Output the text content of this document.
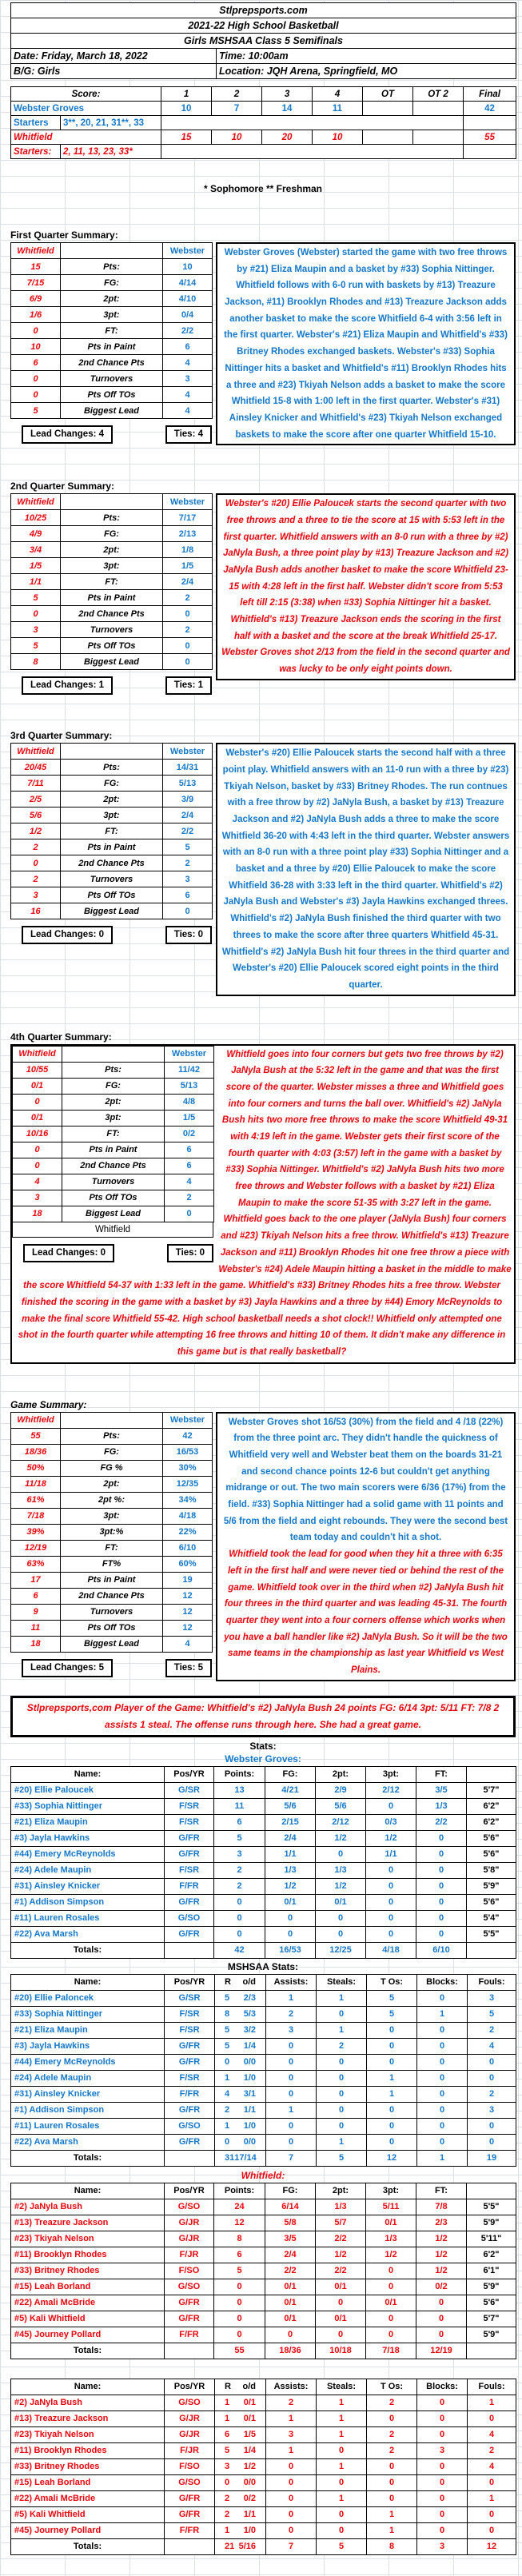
Stlprepsports.com	
2021-22 High School Basketball	
Girls MSHSAA Class 5 Semifinals	
Date: Friday, March 18, 2022	Time: 10:00am
B/G: Girls	Location: JQH Arena, Springfield, MO
Score:		1	2	3	4	OT	OT 2	Final
Webster Groves		10	7	14	11			42
Starters	3**, 20, 21, 31**, 33							
Whitfield		15	10	20	10			55
Starters:	2, 11, 13, 23, 33*							
* Sophomore ** Freshman
First Quarter Summary:
Whitfield		Webster
15	Pts:	10
7/15	FG:	4/14
6/9	2pt:	4/10
1/6	3pt:	0/4
0	FT:	2/2
10	Pts in Paint	6
6	2nd Chance Pts	4
0	Turnovers	3
0	Pts Off TOs	4
5	Biggest Lead	4
Lead Changes: 4	Ties: 4
Webster Groves (Webster) started the game with two free throws by #21) Eliza Maupin and a basket by #33) Sophia Nittinger. Whitfield follows with 6-0 run with baskets by #13) Treazure Jackson, #11) Brooklyn Rhodes and #13) Treazure Jackson adds another basket to make the score Whitfield 6-4 with 3:56 left in the first quarter. Webster's #21) Eliza Maupin and Whitfield's #33) Britney Rhodes exchanged baskets. Webster's #33) Sophia Nittinger hits a basket and Whitfield's #11) Brooklyn Rhodes hits a three and #23) Tkiyah Nelson adds a basket to make the score Whitfield 15-8 with 1:00 left in the first quarter. Webster's #31) Ainsley Knicker and Whitfield's #23) Tkiyah Nelson exchanged baskets to make the score after one quarter Whitfield 15-10.
2nd Quarter Summary:
Whitfield		Webster
10/25	Pts:	7/17
4/9	FG:	2/13
3/4	2pt:	1/8
1/5	3pt:	1/5
1/1	FT:	2/4
5	Pts in Paint	2
0	2nd Chance Pts	0
3	Turnovers	2
5	Pts Off TOs	0
8	Biggest Lead	0
Lead Changes: 1	Ties: 1
Webster's #20) Ellie Paloucek starts the second quarter with two free throws and a three to tie the score at 15 with 5:53 left in the first quarter. Whitfield answers with an 8-0 run with a three by #2) JaNyla Bush, a three point play by #13) Treazure Jackson and #2) JaNyla Bush adds another basket to make the score Whitfield 23-15 with 4:28 left in the first half. Webster didn't score from 5:53 left till 2:15 (3:38) when #33) Sophia Nittinger hit a basket. Whitfield's #13) Treazure Jackson ends the scoring in the first half with a basket and the score at the break Whitfield 25-17. Webster Groves shot 2/13 from the field in the second quarter and was lucky to be only eight points down.
3rd Quarter Summary:
Whitfield		Webster
20/45	Pts:	14/31
7/11	FG:	5/13
2/5	2pt:	3/9
5/6	3pt:	2/4
1/2	FT:	2/2
2	Pts in Paint	5
0	2nd Chance Pts	2
2	Turnovers	3
3	Pts Off TOs	6
16	Biggest Lead	0
Lead Changes: 0	Ties: 0
Webster's #20) Ellie Paloucek starts the second half with a three point play. Whitfield answers with an 11-0 run with a three by #23) Tkiyah Nelson, basket by #33) Britney Rhodes. The run contnues with a free throw by #2) JaNyla Bush, a basket by #13) Treazure Jackson and #2) JaNyla Bush adds a three to make the score Whitfield 36-20 with 4:43 left in the third quarter. Webster answers with an 8-0 run with a three point play #33) Sophia Nittinger and a basket and a three by #20) Ellie Paloucek to make the score Whitfield 36-28 with 3:33 left in the third quarter. Whitfield's #2) JaNyla Bush and Webster's #3) Jayla Hawkins exchanged threes. Whitfield's #2) JaNyla Bush finished the third quarter with two threes to make the score after three quarters Whitfield 45-31. Whitfield's #2) JaNyla Bush hit four threes in the third quarter and Webster's #20) Ellie Paloucek scored eight points in the third quarter.
4th Quarter Summary:
Whitfield		Webster
10/55	Pts:	11/42
0/1	FG:	5/13
0	2pt:	4/8
0/1	3pt:	1/5
10/16	FT:	0/2
0	Pts in Paint	6
0	2nd Chance Pts	6
4	Turnovers	4
3	Pts Off TOs	2
18	Biggest Lead	0
Whitfield
Lead Changes: 0	Ties: 0
Whitfield goes into four corners but gets two free throws by #2) JaNyla Bush at the 5:32 left in the game and that was the first score of the quarter. Webster misses a three and Whitfield goes into four corners and turns the ball over. Whitfield's #2) JaNyla Bush hits two more free throws to make the score Whitfield 49-31 with 4:19 left in the game. Webster gets their first score of the fourth quarter with 4:03 (3:57) left in the game with a basket by #33) Sophia Nittinger. Whitfield's #2) JaNyla Bush hits two more free throws and Webster follows with a basket by #21) Eliza Maupin to make the score 51-35 with 3:27 left in the game. Whitfield goes back to the one player (JaNyla Bush) four corners and #23) Tkiyah Nelson hits a free throw. Whitfield's #13) Treazure Jackson and #11) Brooklyn Rhodes hit one free throw a piece with Webster's #24) Adele Maupin hitting a basket in the middle to make the score Whitfield 54-37 with 1:33 left in the game. Whitfield's #33) Britney Rhodes hits a free throw. Webster finished the scoring in the game with a basket by #3) Jayla Hawkins and a three by #44) Emory McReynolds to make the final score Whitfield 55-42. High school basketball needs a shot clock!! Whitfield only attempted one shot in the fourth quarter while attempting 16 free throws and hitting 10 of them. It didn't make any difference in this game but is that really basketball?
Game Summary:
Whitfield		Webster
55	Pts:	42
18/36	FG:	16/53
50%	FG %	30%
11/18	2pt:	12/35
61%	2pt %:	34%
7/18	3pt:	4/18
39%	3pt:%	22%
12/19	FT:	6/10
63%	FT%	60%
17	Pts in Paint	19
6	2nd Chance Pts	12
9	Turnovers	12
11	Pts Off TOs	12
18	Biggest Lead	4
Lead Changes: 5	Ties: 5

Webster Groves shot 16/53 (30%) from the field and 4 /18 (22%) from the three point arc. They didn't handle the quickness of Whitfield very well and Webster beat them on the boards 31-21 and second chance points 12-6 but couldn't get anything midrange or out. The two main scorers were 6/36 (17%) from the field. #33) Sophia Nittinger had a solid game with 11 points and 5/6 from the field and eight rebounds. They were the second best team today and couldn't hit a shot.

Whitfield took the lead for good when they hit a three with 6:35 left in the first half and were never tied or behind the rest of the game. Whitfield took over in the third when #2) JaNyla Bush hit four threes in the third quarter and was leading 45-31. The fourth quarter they went into a four corners offense which works when you have a ball handler like #2) JaNyla Bush. So it will be the two same teams in the championship as last year Whitfield vs West Plains.

Stlprepsports,com Player of the Game: Whitfield's #2) JaNyla Bush 24 points FG: 6/14 3pt: 5/11 FT: 7/8 2 assists 1 steal. The offense runs through here. She had a great game.
Stats:
Webster Groves:
Name:	Pos/YR	Points:	FG:	2pt:	3pt:	FT:	
#20) Ellie Paloucek	G/SR	13	4/21	2/9	2/12	3/5	5'7"
#33) Sophia Nittinger	F/SR	11	5/6	5/6	0	1/3	6'2"
#21) Eliza Maupin	F/SR	6	2/15	2/12	0/3	2/2	6'2"
#3) Jayla Hawkins	G/FR	5	2/4	1/2	1/2	0	5'6"
#44) Emery McReynolds	G/FR	3	1/1	0	1/1	0	5'6"
#24) Adele Maupin	F/SR	2	1/3	1/3	0	0	5'8"
#31) Ainsley Knicker	F/FR	2	1/2	1/2	0	0	5'9"
#1) Addison Simpson	G/FR	0	0/1	0/1	0	0	5'6"
#11) Lauren Rosales	G/SO	0	0	0	0	0	5'4"
#22) Ava Marsh	G/FR	0	0	0	0	0	5'5"
Totals:		42	16/53	12/25	4/18	6/10	
MSHSAA Stats:
Name:	Pos/YR	R o/d	Assists:	Steals:	T Os:	Blocks:	Fouls:
#20) Ellie Paloncek	G/SR	5 2/3	1	1	5	0	3
#33) Sophia Nittinger	F/SR	8 5/3	2	0	5	1	5
#21) Eliza Maupin	F/SR	5 3/2	3	1	0	0	2
#3) Jayla Hawkins	G/FR	5 1/4	0	2	0	0	4
#44) Emery McReynolds	G/FR	0 0/0	0	0	0	0	0
#24) Adele Maupin	F/SR	1 1/0	0	0	1	0	0
#31) Ainsley Knicker	F/FR	4 3/1	0	0	1	0	2
#1) Addison Simpson	G/FR	2 1/1	1	0	0	0	3
#11) Lauren Rosales	G/SO	1 1/0	0	0	0	0	0
#22) Ava Marsh	G/FR	0 0/0	0	1	0	0	0
Totals:		31 17/14	7	5	12	1	19
Whitfield:
Name:	Pos/YR	Points:	FG:	2pt:	3pt:	FT:	
#2) JaNyla Bush	G/SO	24	6/14	1/3	5/11	7/8	5'5"
#13) Treazure Jackson	G/JR	12	5/8	5/7	0/1	2/3	5'9"
#23) Tkiyah Nelson	G/JR	8	3/5	2/2	1/3	1/2	5'11"
#11) Brooklyn Rhodes	F/JR	6	2/4	1/2	1/2	1/2	6'2"
#33) Britney Rhodes	F/SO	5	2/2	2/2	0	1/2	6'1"
#15) Leah Borland	G/SO	0	0/1	0/1	0	0/2	5'9"
#22) Amali McBride	G/FR	0	0/1	0	0/1	0	5'6"
#5) Kali Whitfield	G/FR	0	0/1	0/1	0	0	5'7"
#45) Journey Pollard	F/FR	0	0	0	0	0	5'9"
Totals:		55	18/36	10/18	7/18	12/19	
Name:	Pos/YR	R o/d	Assists:	Steals:	T Os:	Blocks:	Fouls:
#2) JaNyla Bush	G/SO	1 0/1	2	1	2	0	1
#13) Treazure Jackson	G/JR	1 0/1	1	1	0	0	0
#23) Tkiyah Nelson	G/JR	6 1/5	3	1	2	0	4
#11) Brooklyn Rhodes	F/JR	5 1/4	1	0	2	3	2
#33) Britney Rhodes	F/SO	3 1/2	0	1	0	0	4
#15) Leah Borland	G/SO	0 0/0	0	0	0	0	0
#22) Amali McBride	G/FR	2 0/2	0	1	0	0	1
#5) Kali Whitfield	G/FR	2 1/1	0	0	1	0	0
#45) Journey Pollard	F/FR	1 1/0	0	0	1	0	0
Totals:		21 5/16	7	5	8	3	12
